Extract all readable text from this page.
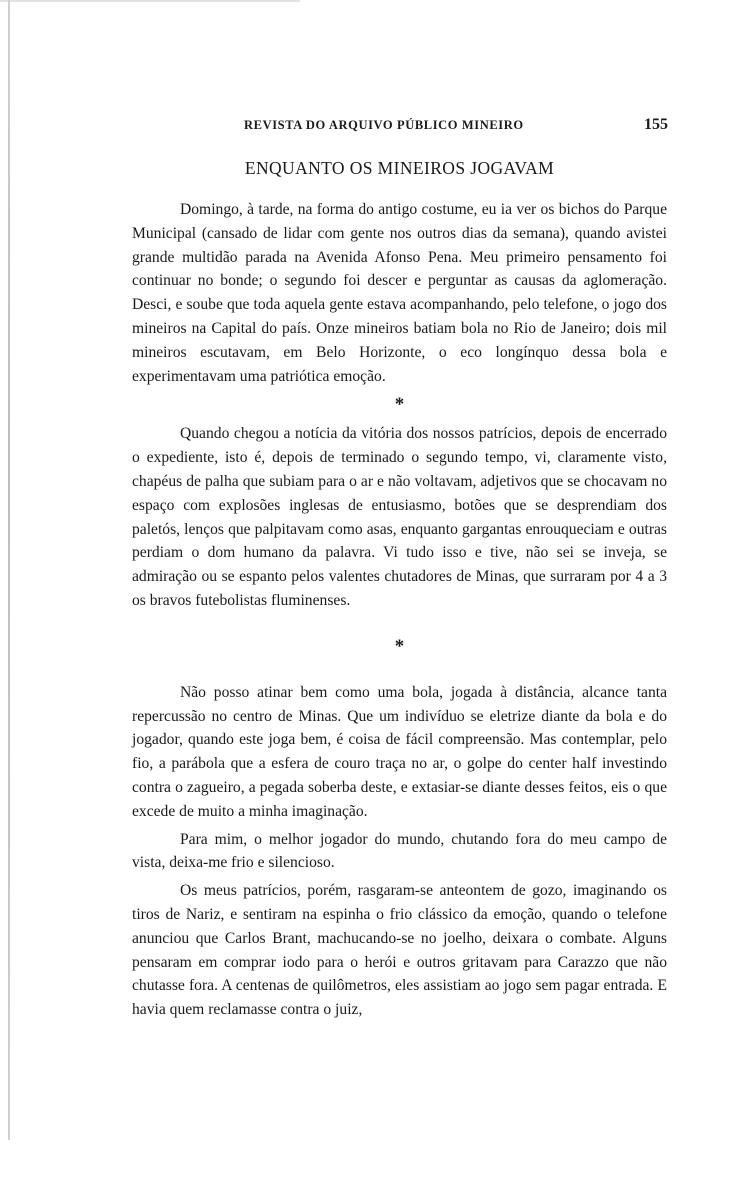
REVISTA DO ARQUIVO PÚBLICO MINEIRO	155
ENQUANTO OS MINEIROS JOGAVAM

Domingo, à tarde, na forma do antigo costume, eu ia ver os bichos do Parque Municipal (cansado de lidar com gente nos outros dias da semana), quando avistei grande multidão parada na Avenida Afonso Pena. Meu primeiro pensamento foi continuar no bonde; o segundo foi descer e perguntar as causas da aglomeração. Desci, e soube que toda aquela gente estava acompanhando, pelo telefone, o jogo dos mineiros na Capital do país. Onze mineiros batiam bola no Rio de Janeiro; dois mil mineiros escutavam, em Belo Horizonte, o eco longínquo dessa bola e experimentavam uma patriótica emoção.

*

Quando chegou a notícia da vitória dos nossos patrícios, depois de encerrado o expediente, isto é, depois de terminado o segundo tempo, vi, claramente visto, chapéus de palha que subiam para o ar e não voltavam, adjetivos que se chocavam no espaço com explosões inglesas de entusiasmo, botões que se desprendiam dos paletós, lenços que palpitavam como asas, enquanto gargantas enrouqueciam e outras perdiam o dom humano da palavra. Vi tudo isso e tive, não sei se inveja, se admiração ou se espanto pelos valentes chutadores de Minas, que surraram por 4 a 3 os bravos futebolistas fluminenses.

*

Não posso atinar bem como uma bola, jogada à distância, alcance tanta repercussão no centro de Minas. Que um indivíduo se eletrize diante da bola e do jogador, quando este joga bem, é coisa de fácil compreensão. Mas contemplar, pelo fio, a parábola que a esfera de couro traça no ar, o golpe do center half investindo contra o zagueiro, a pegada soberba deste, e extasiar-se diante desses feitos, eis o que excede de muito a minha imaginação.

Para mim, o melhor jogador do mundo, chutando fora do meu campo de vista, deixa-me frio e silencioso.

Os meus patrícios, porém, rasgaram-se anteontem de gozo, imaginando os tiros de Nariz, e sentiram na espinha o frio clássico da emoção, quando o telefone anunciou que Carlos Brant, machucando-se no joelho, deixara o combate. Alguns pensaram em comprar iodo para o herói e outros gritavam para Carazzo que não chutasse fora. A centenas de quilômetros, eles assistiam ao jogo sem pagar entrada. E havia quem reclamasse contra o juiz,
